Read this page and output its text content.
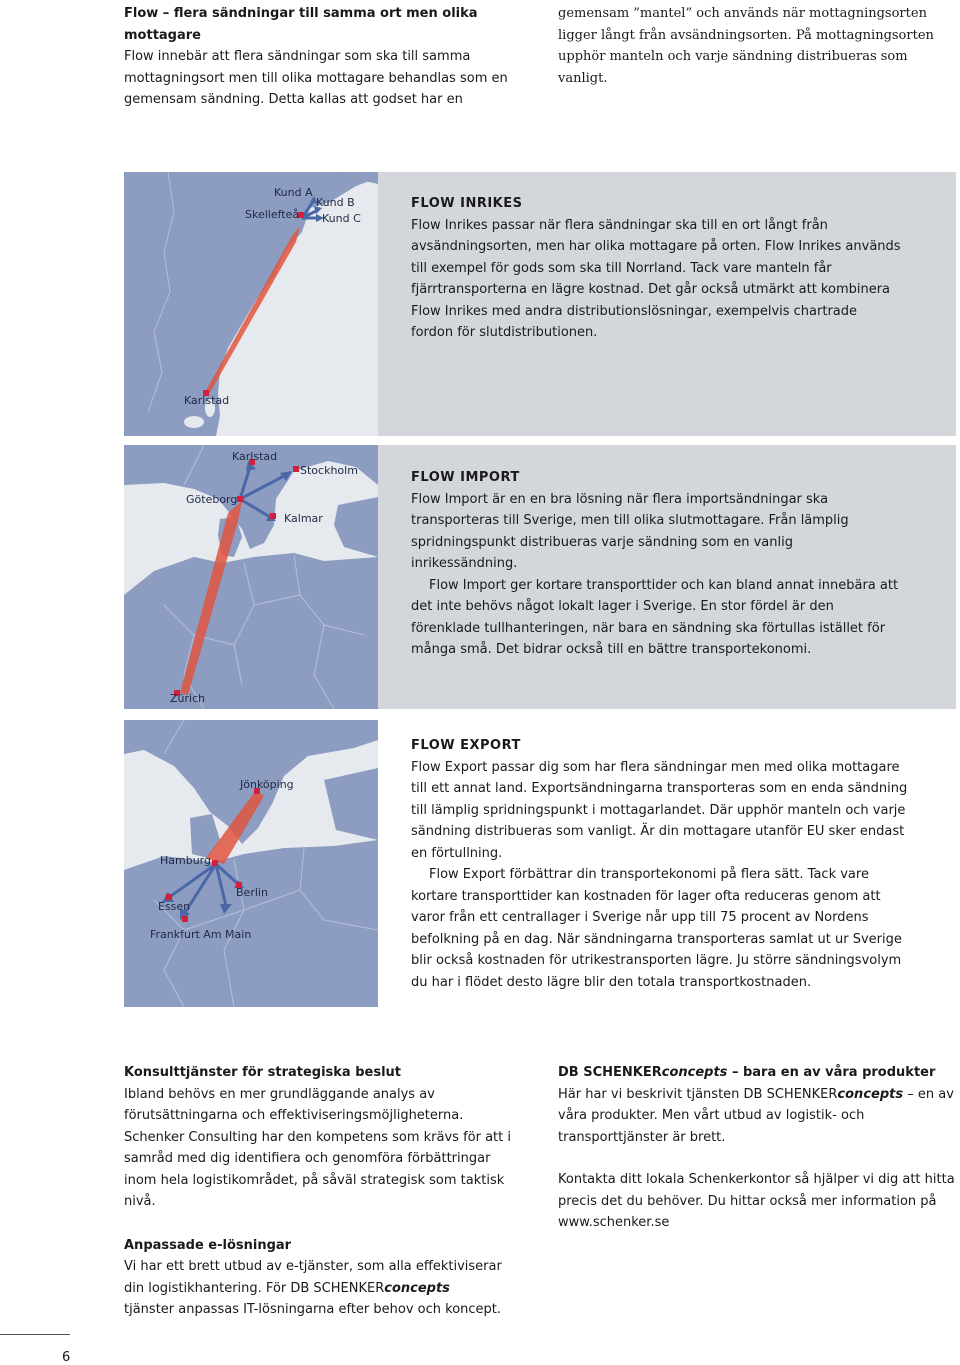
Flow – flera sändningar till samma ort men olika mottagare

Flow innebär att flera sändningar som ska till samma mottagningsort men till olika mottagare behandlas som en gemensam sändning. Detta kallas att godset har en

gemensam ”mantel” och används när mottagningsorten ligger långt från avsändningsorten. På mottagningsorten upphör manteln och varje sändning distribueras som vanligt.

Kund A
Kund B
Kund C
Skellefteå
Karlstad

FLOW INRIKES

Flow Inrikes passar när flera sändningar ska till en ort långt från avsändningsorten, men har olika mottagare på orten. Flow Inrikes används till exempel för gods som ska till Norrland. Tack vare manteln får fjärrtransporterna en lägre kostnad. Det går också utmärkt att kombinera Flow Inrikes med andra distributionslösningar, exempelvis chartrade fordon för slutdistributionen.

Karlstad
Stockholm
Göteborg
Kalmar
Zürich

FLOW IMPORT

Flow Import är en en bra lösning när flera importsändningar ska transporteras till Sverige, men till olika slutmottagare. Från lämplig spridningspunkt distribueras varje sändning som en vanlig inrikessändning.

Flow Import ger kortare transporttider och kan bland annat innebära att det inte behövs något lokalt lager i Sverige. En stor fördel är den förenklade tullhanteringen, när bara en sändning ska förtullas istället för många små. Det bidrar också till en bättre transportekonomi.

Jönköping
Hamburg
Berlin
Essen
Frankfurt Am Main

FLOW EXPORT

Flow Export passar dig som har flera sändningar men med olika mottagare till ett annat land. Exportsändningarna transporteras som en enda sändning till lämplig spridningspunkt i mottagarlandet. Där upphör manteln och varje sändning distribueras som vanligt. Är din mottagare utanför EU sker endast en förtullning.

Flow Export förbättrar din transportekonomi på flera sätt. Tack vare kortare transporttider kan kostnaden för lager ofta reduceras genom att varor från ett centrallager i Sverige når upp till 75 procent av Nordens befolkning på en dag. När sändningarna transporteras samlat ut ur Sverige blir också kostnaden för utrikestransporten lägre. Ju större sändningsvolym du har i flödet desto lägre blir den totala transportkostnaden.

Konsulttjänster för strategiska beslut

Ibland behövs en mer grundläggande analys av förutsättningarna och effektiviseringsmöjligheterna. Schenker Consulting har den kompetens som krävs för att i samråd med dig identifiera och genomföra förbättringar inom hela logistikområdet, på såväl strategisk som taktisk nivå.

Anpassade e-lösningar

Vi har ett brett utbud av e-tjänster, som alla effektiviserar din logistikhantering. För DB SCHENKERconcepts
tjänster anpassas IT-lösningarna efter behov och koncept.

DB SCHENKERconcepts – bara en av våra produkter

Här har vi beskrivit tjänsten DB SCHENKERconcepts – en av våra produkter. Men vårt utbud av logistik- och transporttjänster är brett.

Kontakta ditt lokala Schenkerkontor så hjälper vi dig att hitta precis det du behöver. Du hittar också mer information på www.schenker.se

6
